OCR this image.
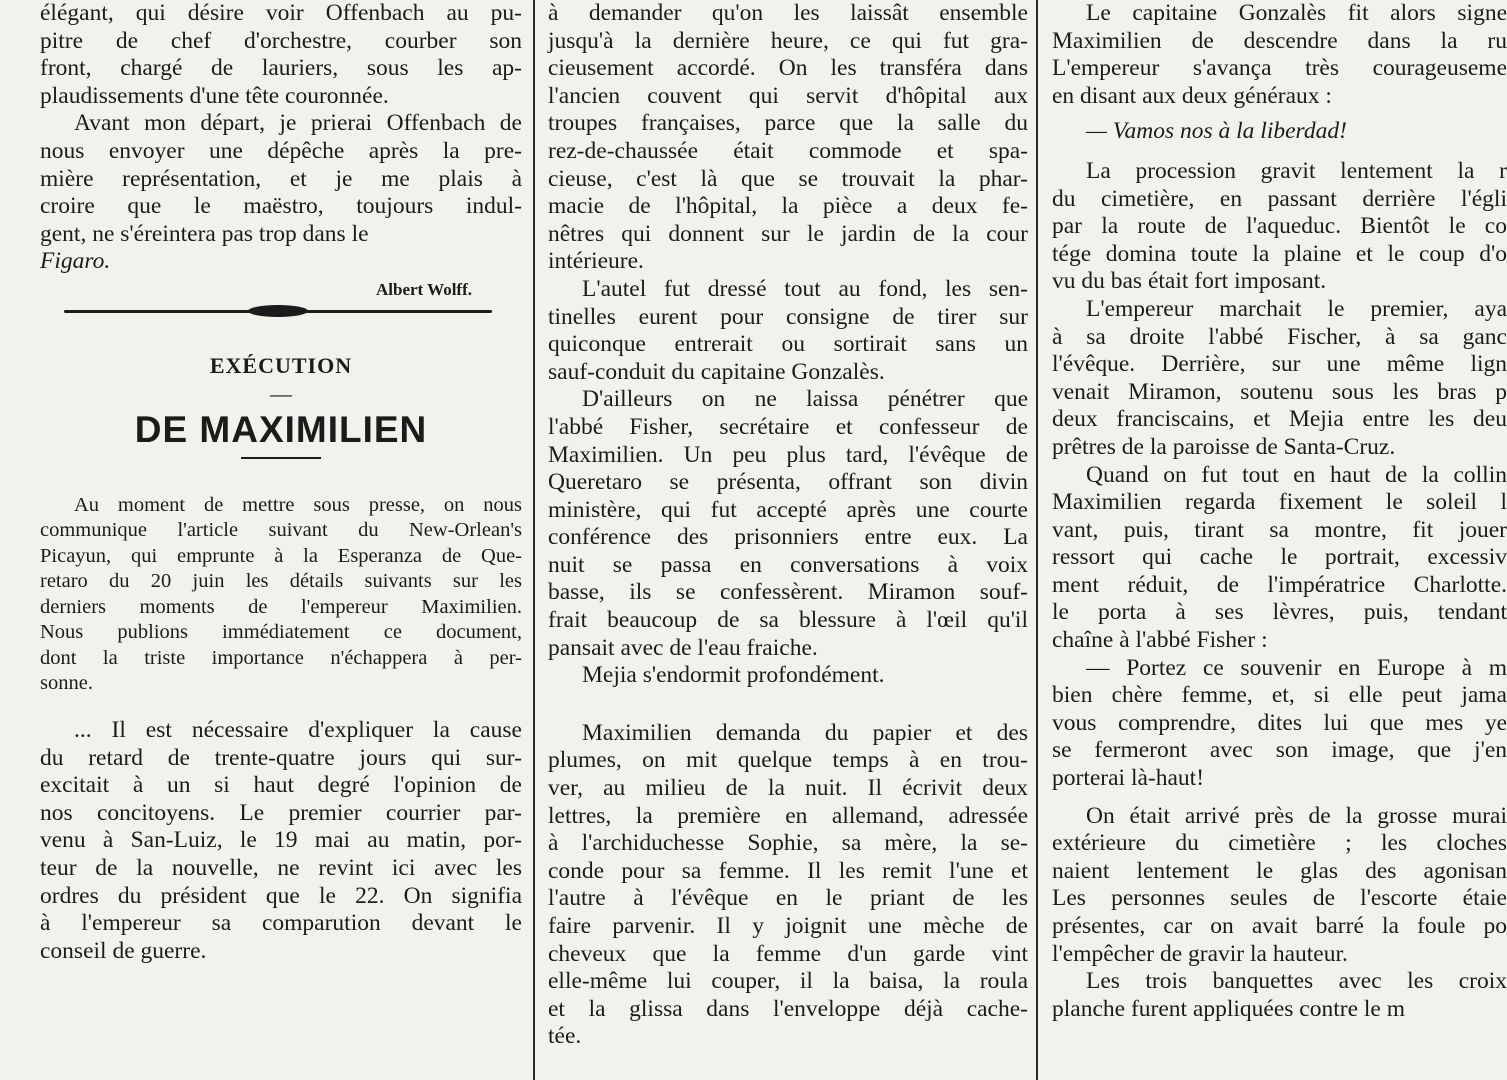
élégant, qui désire voir Offenbach au pu-

pitre de chef d'orchestre, courber son

front, chargé de lauriers, sous les ap-

plaudissements d'une tête couronnée.

Avant mon départ, je prierai Offenbach de

nous envoyer une dépêche après la pre-

mière représentation, et je me plais à

croire que le maëstro, toujours indul-

gent, ne s'éreintera pas trop dans le

Figaro.

Albert Wolff.
EXÉCUTION
—
DE MAXIMILIEN

Au moment de mettre sous presse, on nous

communique l'article suivant du New-Orlean's

Picayun, qui emprunte à la Esperanza de Que-

retaro du 20 juin les détails suivants sur les

derniers moments de l'empereur Maximilien.

Nous publions immédiatement ce document,

dont la triste importance n'échappera à per-

sonne.

... Il est nécessaire d'expliquer la cause

du retard de trente-quatre jours qui sur-

excitait à un si haut degré l'opinion de

nos concitoyens. Le premier courrier par-

venu à San-Luiz, le 19 mai au matin, por-

teur de la nouvelle, ne revint ici avec les

ordres du président que le 22. On signifia

à l'empereur sa comparution devant le

conseil de guerre.

à demander qu'on les laissât ensemble

jusqu'à la dernière heure, ce qui fut gra-

cieusement accordé. On les transféra dans

l'ancien couvent qui servit d'hôpital aux

troupes françaises, parce que la salle du

rez-de-chaussée était commode et spa-

cieuse, c'est là que se trouvait la phar-

macie de l'hôpital, la pièce a deux fe-

nêtres qui donnent sur le jardin de la cour

intérieure.

L'autel fut dressé tout au fond, les sen-

tinelles eurent pour consigne de tirer sur

quiconque entrerait ou sortirait sans un

sauf-conduit du capitaine Gonzalès.

D'ailleurs on ne laissa pénétrer que

l'abbé Fisher, secrétaire et confesseur de

Maximilien. Un peu plus tard, l'évêque de

Queretaro se présenta, offrant son divin

ministère, qui fut accepté après une courte

conférence des prisonniers entre eux. La

nuit se passa en conversations à voix

basse, ils se confessèrent. Miramon souf-

frait beaucoup de sa blessure à l'œil qu'il

pansait avec de l'eau fraiche.

Mejia s'endormit profondément.

Maximilien demanda du papier et des

plumes, on mit quelque temps à en trou-

ver, au milieu de la nuit. Il écrivit deux

lettres, la première en allemand, adressée

à l'archiduchesse Sophie, sa mère, la se-

conde pour sa femme. Il les remit l'une et

l'autre à l'évêque en le priant de les

faire parvenir. Il y joignit une mèche de

cheveux que la femme d'un garde vint

elle-même lui couper, il la baisa, la roula

et la glissa dans l'enveloppe déjà cache-

tée.

Le capitaine Gonzalès fit alors signe

Maximilien de descendre dans la ru

L'empereur s'avança très courageuseme

en disant aux deux généraux :

— Vamos nos à la liberdad!

La procession gravit lentement la r

du cimetière, en passant derrière l'égli

par la route de l'aqueduc. Bientôt le co

tége domina toute la plaine et le coup d'o

vu du bas était fort imposant.

L'empereur marchait le premier, aya

à sa droite l'abbé Fischer, à sa ganc

l'évêque. Derrière, sur une même lign

venait Miramon, soutenu sous les bras p

deux franciscains, et Mejia entre les deu

prêtres de la paroisse de Santa-Cruz.

Quand on fut tout en haut de la collin

Maximilien regarda fixement le soleil l

vant, puis, tirant sa montre, fit jouer

ressort qui cache le portrait, excessiv

ment réduit, de l'impératrice Charlotte.

le porta à ses lèvres, puis, tendant

chaîne à l'abbé Fisher :

— Portez ce souvenir en Europe à m

bien chère femme, et, si elle peut jama

vous comprendre, dites lui que mes ye

se fermeront avec son image, que j'en

porterai là-haut!

On était arrivé près de la grosse murai

extérieure du cimetière ; les cloches

naient lentement le glas des agonisan

Les personnes seules de l'escorte étaie

présentes, car on avait barré la foule po

l'empêcher de gravir la hauteur.

Les trois banquettes avec les croix

planche furent appliquées contre le m
